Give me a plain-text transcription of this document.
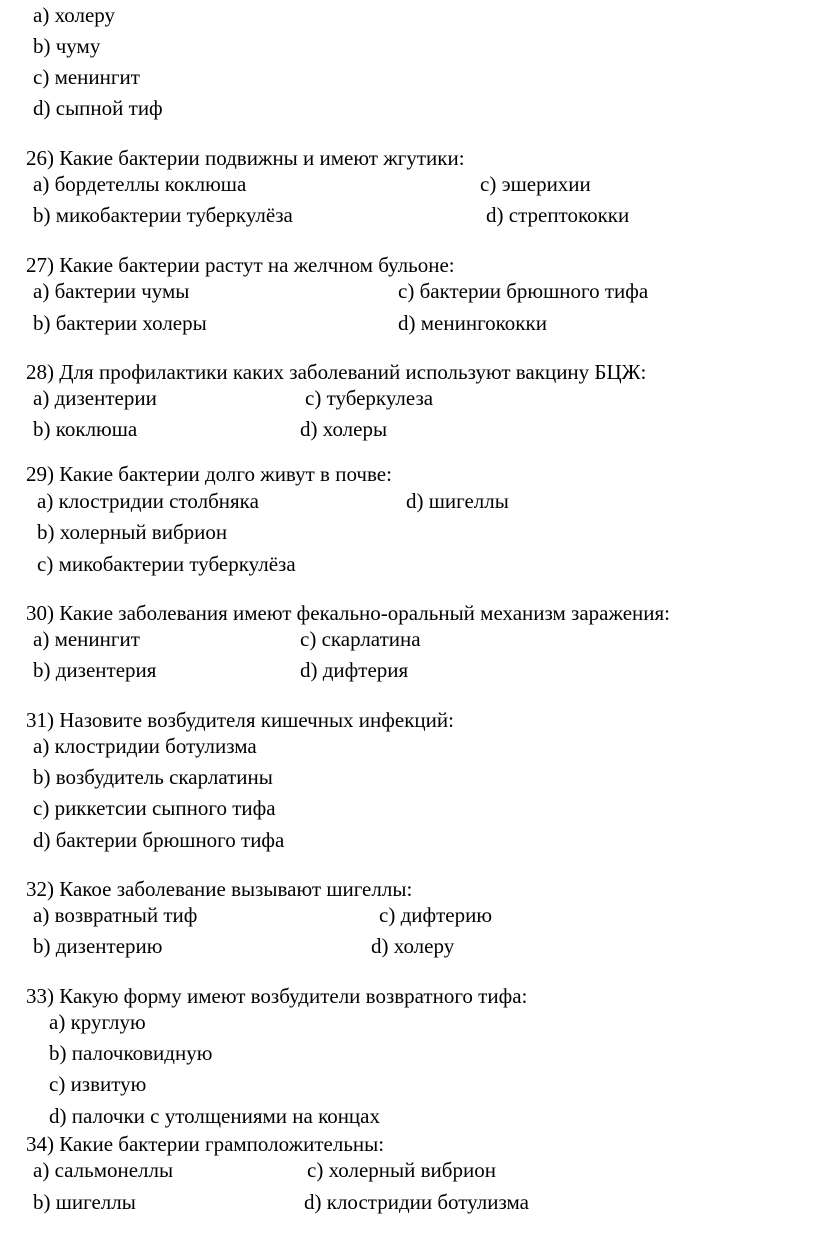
a) холеру
b) чуму
c) менингит
d) сыпной тиф
26) Какие бактерии подвижны и имеют жгутики:
a) бордетеллы коклюша	c) эшерихии
b) микобактерии туберкулёза	d) стрептококки
27) Какие бактерии растут на желчном бульоне:
a) бактерии чумы	c) бактерии брюшного тифа
b) бактерии холеры	d) менингококки
28) Для профилактики каких заболеваний используют вакцину БЦЖ:
a) дизентерии	c) туберкулеза
b) коклюша	d) холеры
29) Какие бактерии долго живут в почве:
a) клостридии столбняка	d) шигеллы
b) холерный вибрион
c) микобактерии туберкулёза
30) Какие заболевания имеют фекально-оральный механизм заражения:
a) менингит	c) скарлатина
b) дизентерия	d) дифтерия
31) Назовите возбудителя кишечных инфекций:
a) клостридии ботулизма
b) возбудитель скарлатины
c) риккетсии сыпного тифа
d) бактерии брюшного тифа
32) Какое заболевание вызывают шигеллы:
a) возвратный тиф	c) дифтерию
b) дизентерию	d) холеру
33) Какую форму имеют возбудители возвратного тифа:
a) круглую
b) палочковидную
c) извитую
d) палочки с утолщениями на концах
34) Какие бактерии грамположительны:
a) сальмонеллы	c) холерный вибрион
b) шигеллы	d) клостридии ботулизма
